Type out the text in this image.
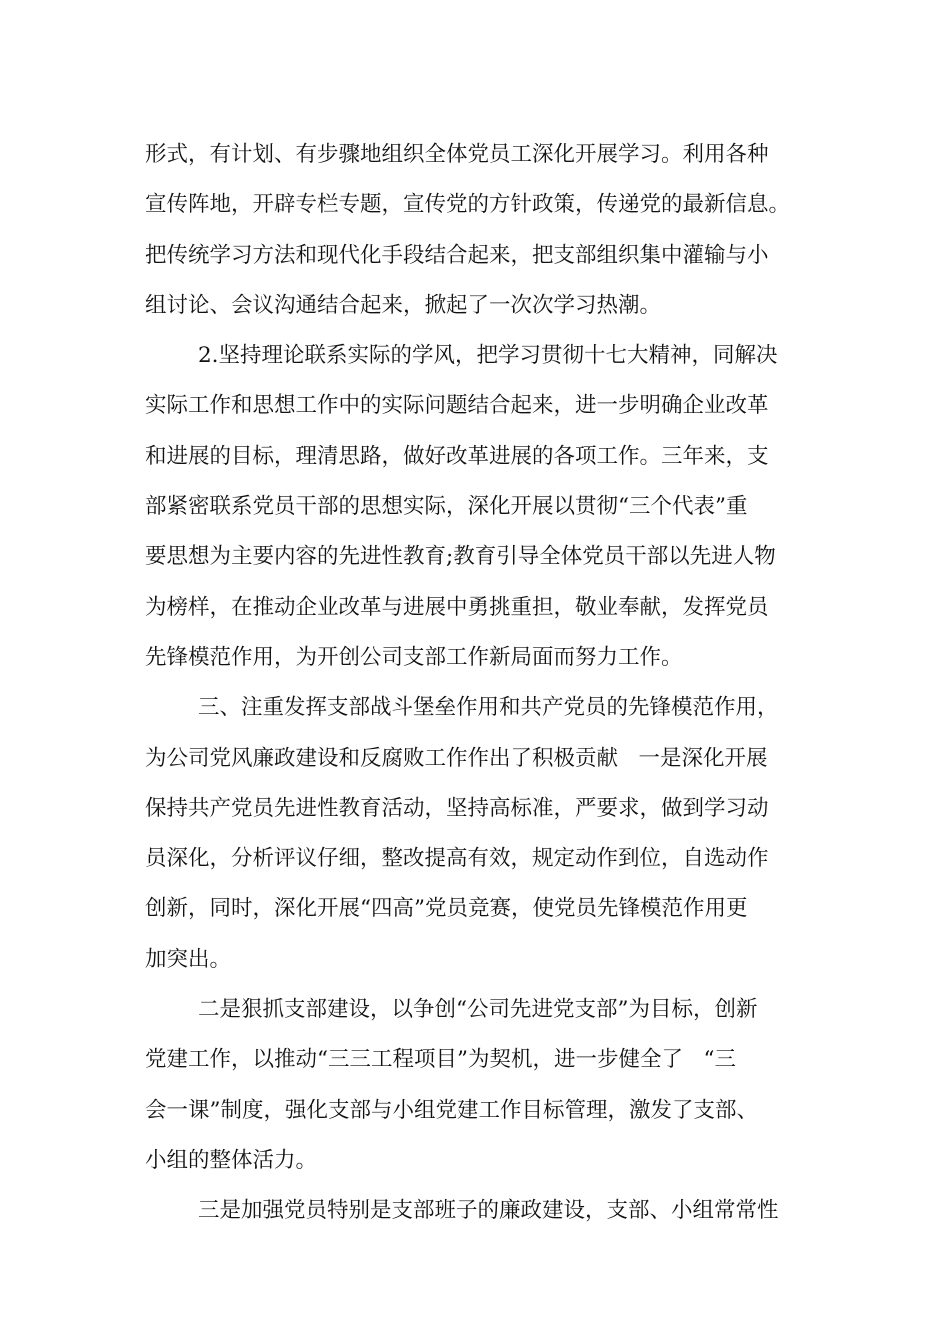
形式，有计划、有步骤地组织全体党员工深化开展学习。利用各种
宣传阵地，开辟专栏专题，宣传党的方针政策，传递党的最新信息。
把传统学习方法和现代化手段结合起来，把支部组织集中灌输与小
组讨论、会议沟通结合起来，掀起了一次次学习热潮。
2.坚持理论联系实际的学风，把学习贯彻十七大精神，同解决
实际工作和思想工作中的实际问题结合起来，进一步明确企业改革
和进展的目标，理清思路，做好改革进展的各项工作。三年来，支
部紧密联系党员干部的思想实际，深化开展以贯彻“三个代表”重
要思想为主要内容的先进性教育;教育引导全体党员干部以先进人物
为榜样，在推动企业改革与进展中勇挑重担，敬业奉献，发挥党员
先锋模范作用，为开创公司支部工作新局面而努力工作。
三、注重发挥支部战斗堡垒作用和共产党员的先锋模范作用，
为公司党风廉政建设和反腐败工作作出了积极贡献   一是深化开展
保持共产党员先进性教育活动，坚持高标准，严要求，做到学习动
员深化，分析评议仔细，整改提高有效，规定动作到位，自选动作
创新，同时，深化开展“四高”党员竞赛，使党员先锋模范作用更
加突出。
二是狠抓支部建设，以争创“公司先进党支部”为目标，创新
党建工作，以推动“三三工程项目”为契机，进一步健全了   “三
会一课”制度，强化支部与小组党建工作目标管理，激发了支部、
小组的整体活力。
三是加强党员特别是支部班子的廉政建设，支部、小组常常性
